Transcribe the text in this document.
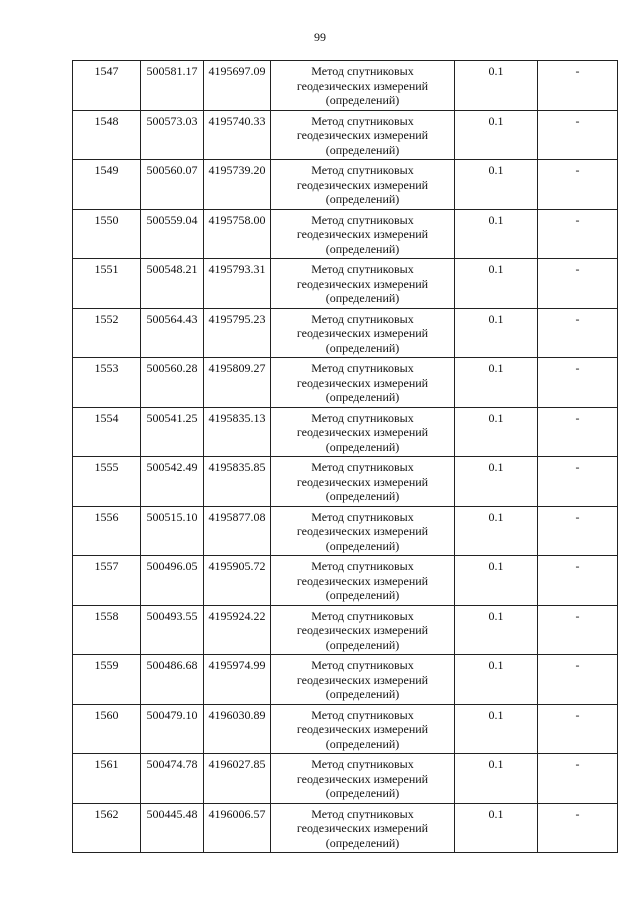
99
1547	500581.17	4195697.09	Метод спутниковых геодезических измерений (определений)	0.1	-
1548	500573.03	4195740.33	Метод спутниковых геодезических измерений (определений)	0.1	-
1549	500560.07	4195739.20	Метод спутниковых геодезических измерений (определений)	0.1	-
1550	500559.04	4195758.00	Метод спутниковых геодезических измерений (определений)	0.1	-
1551	500548.21	4195793.31	Метод спутниковых геодезических измерений (определений)	0.1	-
1552	500564.43	4195795.23	Метод спутниковых геодезических измерений (определений)	0.1	-
1553	500560.28	4195809.27	Метод спутниковых геодезических измерений (определений)	0.1	-
1554	500541.25	4195835.13	Метод спутниковых геодезических измерений (определений)	0.1	-
1555	500542.49	4195835.85	Метод спутниковых геодезических измерений (определений)	0.1	-
1556	500515.10	4195877.08	Метод спутниковых геодезических измерений (определений)	0.1	-
1557	500496.05	4195905.72	Метод спутниковых геодезических измерений (определений)	0.1	-
1558	500493.55	4195924.22	Метод спутниковых геодезических измерений (определений)	0.1	-
1559	500486.68	4195974.99	Метод спутниковых геодезических измерений (определений)	0.1	-
1560	500479.10	4196030.89	Метод спутниковых геодезических измерений (определений)	0.1	-
1561	500474.78	4196027.85	Метод спутниковых геодезических измерений (определений)	0.1	-
1562	500445.48	4196006.57	Метод спутниковых геодезических измерений (определений)	0.1	-
